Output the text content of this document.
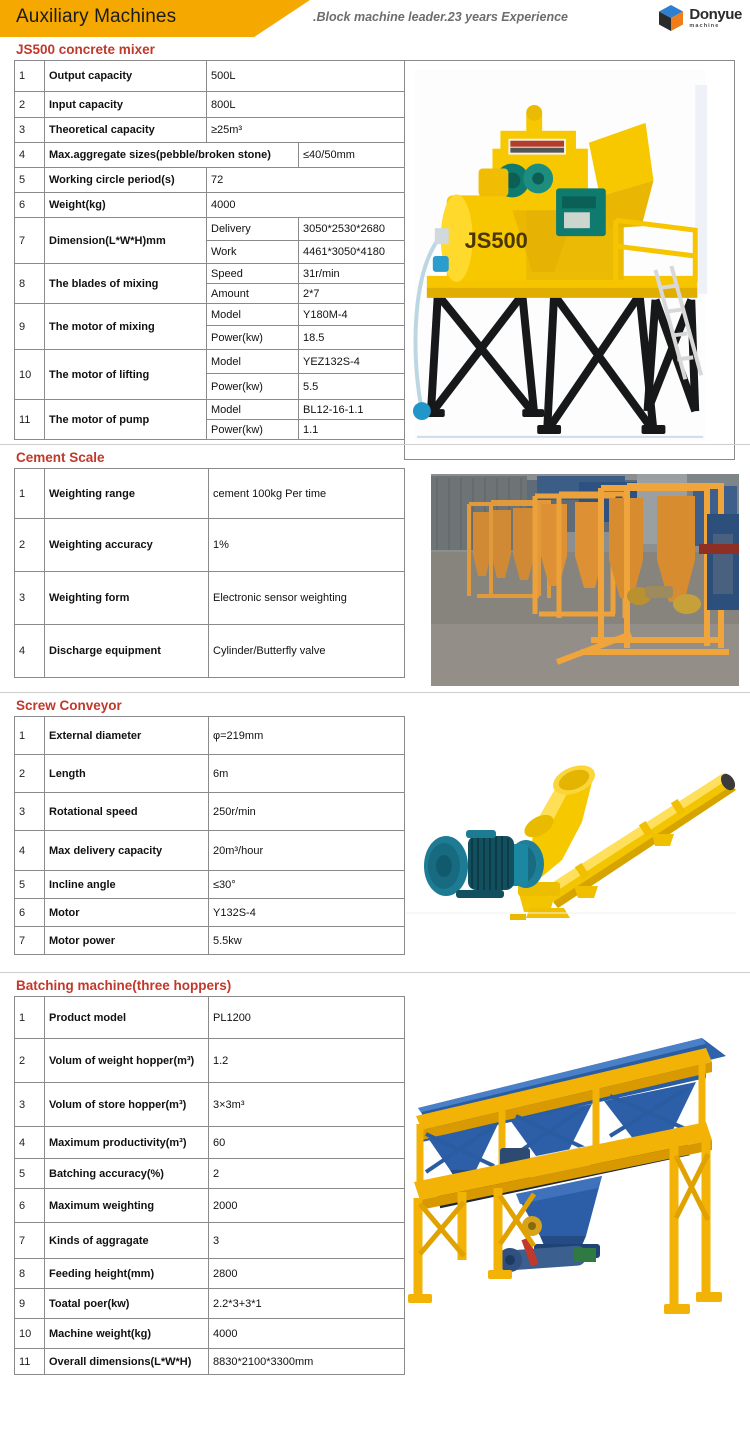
Auxiliary Machines	.Block machine leader.23 years Experience	Donyue
machine
JS500 concrete mixer
1	Output capacity	500L	
2	Input capacity	800L	
3	Theoretical capacity	≥25m³	
4	Max.aggregate sizes(pebble/broken stone)		≤40/50mm
5	Working circle period(s)	72	
6	Weight(kg)	4000	
7	Dimension(L*W*H)mm	Delivery	3050*2530*2680
		Work	4461*3050*4180
8	The blades of mixing	Speed	31r/min
		Amount	2*7
9	The motor of mixing	Model	Y180M-4
		Power(kw)	18.5
10	The motor of lifting	Model	YEZ132S-4
		Power(kw)	5.5
11	The motor of pump	Model	BL12-16-1.1
		Power(kw)	1.1
JS500
Cement Scale
1	Weighting range	cement 100kg Per time
2	Weighting accuracy	1%
3	Weighting form	Electronic sensor weighting
4	Discharge equipment	Cylinder/Butterfly valve
Screw Conveyor
1	External diameter	φ=219mm
2	Length	6m
3	Rotational speed	250r/min
4	Max delivery capacity	20m³/hour
5	Incline angle	≤30°
6	Motor	Y132S-4
7	Motor power	5.5kw
Batching machine(three hoppers)
1	Product model	PL1200
2	Volum of weight hopper(m³)	1.2
3	Volum of store hopper(m³)	3×3m³
4	Maximum productivity(m³)	60
5	Batching accuracy(%)	2
6	Maximum weighting	2000
7	Kinds of aggragate	3
8	Feeding height(mm)	2800
9	Toatal poer(kw)	2.2*3+3*1
10	Machine weight(kg)	4000
11	Overall dimensions(L*W*H)	8830*2100*3300mm
